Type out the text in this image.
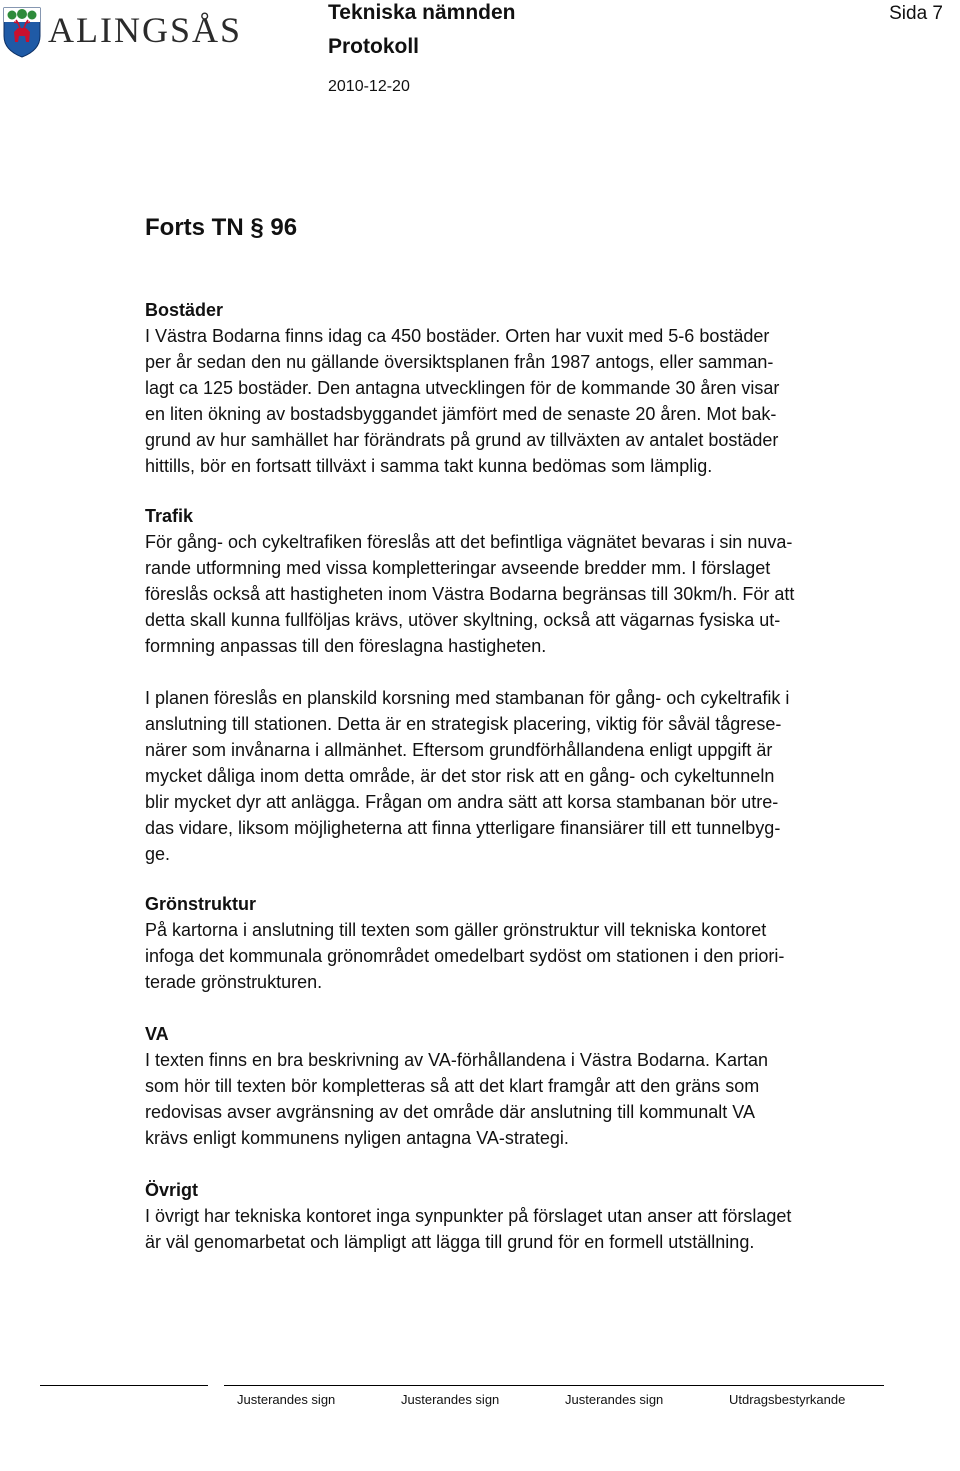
ALINGSÅS	Tekniska nämnden
Protokoll
2010-12-20
Sida 7
Forts TN § 96
Bostäder

I Västra Bodarna finns idag ca 450 bostäder. Orten har vuxit med 5-6 bostäder
per år sedan den nu gällande översiktsplanen från 1987 antogs, eller samman-
lagt ca 125 bostäder. Den antagna utvecklingen för de kommande 30 åren visar
en liten ökning av bostadsbyggandet jämfört med de senaste 20 åren. Mot bak-
grund av hur samhället har förändrats på grund av tillväxten av antalet bostäder
hittills, bör en fortsatt tillväxt i samma takt kunna bedömas som lämplig.

Trafik

För gång- och cykeltrafiken föreslås att det befintliga vägnätet bevaras i sin nuva-
rande utformning med vissa kompletteringar avseende bredder mm. I förslaget
föreslås också att hastigheten inom Västra Bodarna begränsas till 30km/h. För att
detta skall kunna fullföljas krävs, utöver skyltning, också att vägarnas fysiska ut-
formning anpassas till den föreslagna hastigheten.

I planen föreslås en planskild korsning med stambanan för gång- och cykeltrafik i
anslutning till stationen. Detta är en strategisk placering, viktig för såväl tågrese-
närer som invånarna i allmänhet. Eftersom grundförhållandena enligt uppgift är
mycket dåliga inom detta område, är det stor risk att en gång- och cykeltunneln
blir mycket dyr att anlägga. Frågan om andra sätt att korsa stambanan bör utre-
das vidare, liksom möjligheterna att finna ytterligare finansiärer till ett tunnelbyg-
ge.

Grönstruktur

På kartorna i anslutning till texten som gäller grönstruktur vill tekniska kontoret
infoga det kommunala grönområdet omedelbart sydöst om stationen i den priori-
terade grönstrukturen.

VA

I texten finns en bra beskrivning av VA-förhållandena i Västra Bodarna. Kartan
som hör till texten bör kompletteras så att det klart framgår att den gräns som
redovisas avser avgränsning av det område där anslutning till kommunalt VA
krävs enligt kommunens nyligen antagna VA-strategi.

Övrigt

I övrigt har tekniska kontoret inga synpunkter på förslaget utan anser att förslaget
är väl genomarbetat och lämpligt att lägga till grund för en formell utställning.

Justerandes sign	Justerandes sign	Justerandes sign	Utdragsbestyrkande
